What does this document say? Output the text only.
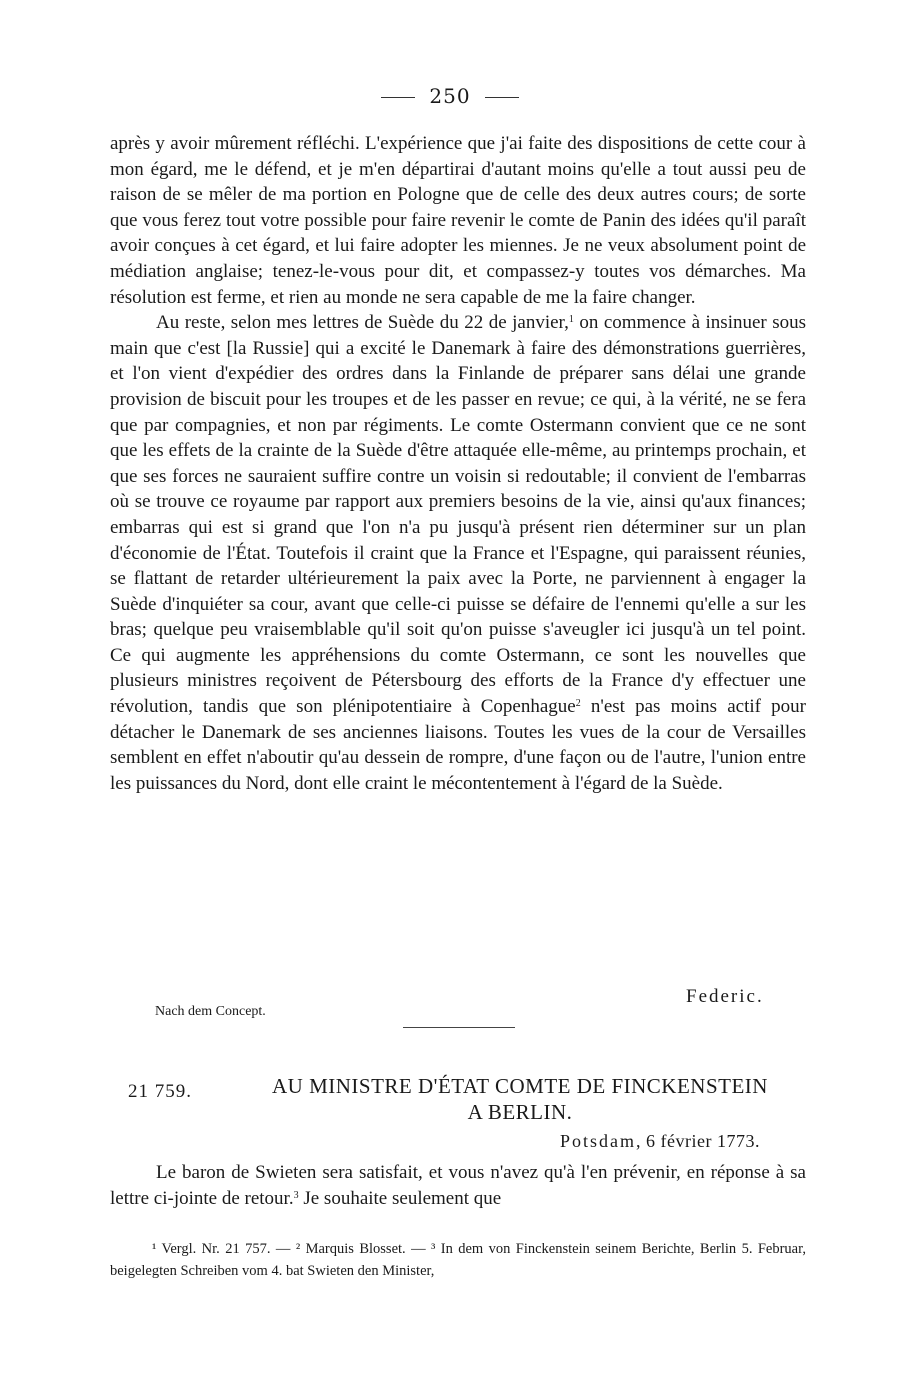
250

après y avoir mûrement réfléchi. L'expérience que j'ai faite des dispositions de cette cour à mon égard, me le défend, et je m'en départirai d'autant moins qu'elle a tout aussi peu de raison de se mêler de ma portion en Pologne que de celle des deux autres cours; de sorte que vous ferez tout votre possible pour faire revenir le comte de Panin des idées qu'il paraît avoir conçues à cet égard, et lui faire adopter les miennes. Je ne veux absolument point de médiation anglaise; tenez-le-vous pour dit, et compassez-y toutes vos démarches. Ma résolution est ferme, et rien au monde ne sera capable de me la faire changer.

Au reste, selon mes lettres de Suède du 22 de janvier,$^1$ on commence à insinuer sous main que c'est [la Russie] qui a excité le Danemark à faire des démonstrations guerrières, et l'on vient d'expédier des ordres dans la Finlande de préparer sans délai une grande provision de biscuit pour les troupes et de les passer en revue; ce qui, à la vérité, ne se fera que par compagnies, et non par régiments. Le comte Ostermann convient que ce ne sont que les effets de la crainte de la Suède d'être attaquée elle-même, au printemps prochain, et que ses forces ne sauraient suffire contre un voisin si redoutable; il convient de l'embarras où se trouve ce royaume par rapport aux premiers besoins de la vie, ainsi qu'aux finances; embarras qui est si grand que l'on n'a pu jusqu'à présent rien déterminer sur un plan d'économie de l'État. Toutefois il craint que la France et l'Espagne, qui paraissent réunies, se flattant de retarder ultérieurement la paix avec la Porte, ne parviennent à engager la Suède d'inquiéter sa cour, avant que celle-ci puisse se défaire de l'ennemi qu'elle a sur les bras; quelque peu vraisemblable qu'il soit qu'on puisse s'aveugler ici jusqu'à un tel point. Ce qui augmente les appréhensions du comte Ostermann, ce sont les nouvelles que plusieurs ministres reçoivent de Pétersbourg des efforts de la France d'y effectuer une révolution, tandis que son plénipotentiaire à Copenhague$^2$ n'est pas moins actif pour détacher le Danemark de ses anciennes liaisons. Toutes les vues de la cour de Versailles semblent en effet n'aboutir qu'au dessein de rompre, d'une façon ou de l'autre, l'union entre les puissances du Nord, dont elle craint le mécontentement à l'égard de la Suède.

Federic.
Nach dem Concept.
21 759.	AU MINISTRE D'ÉTAT COMTE DE FINCKENSTEIN
A BERLIN.
Potsdam, 6 février 1773.

Le baron de Swieten sera satisfait, et vous n'avez qu'à l'en prévenir, en réponse à sa lettre ci-jointe de retour.$^3$ Je souhaite seulement que

¹ Vergl. Nr. 21 757. — ² Marquis Blosset. — ³ In dem von Finckenstein seinem Berichte, Berlin 5. Februar, beigelegten Schreiben vom 4. bat Swieten den Minister,
